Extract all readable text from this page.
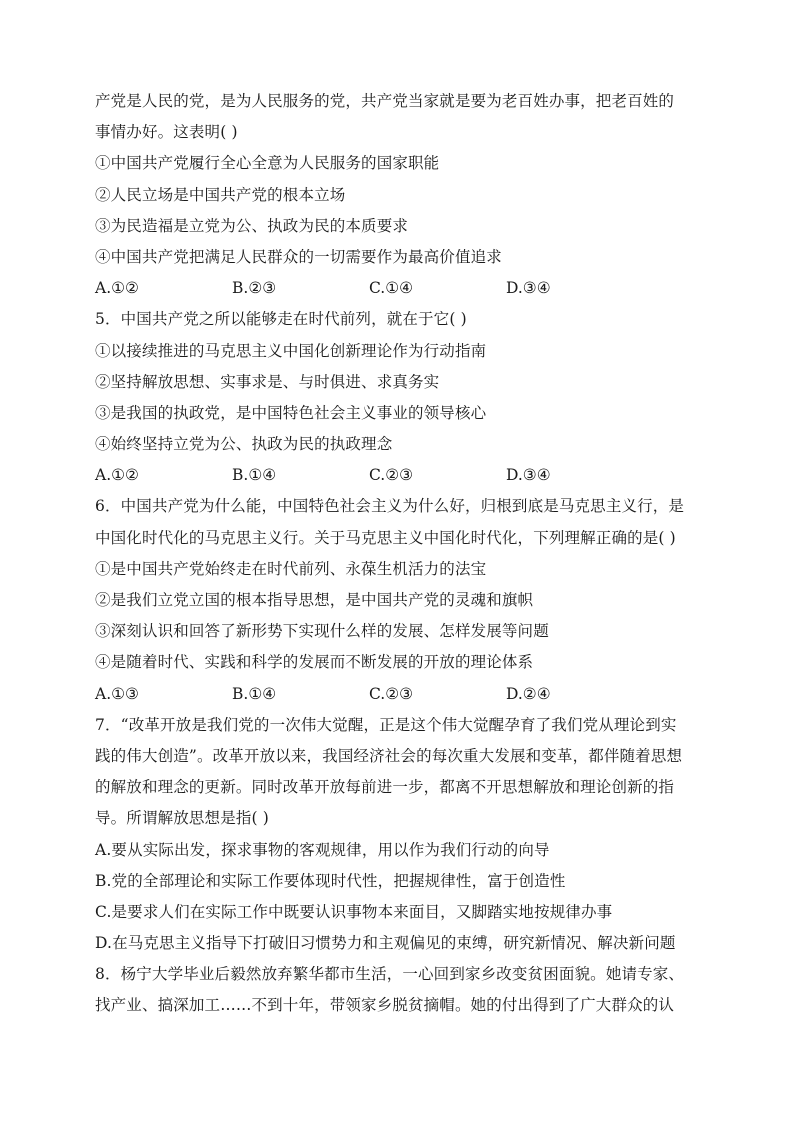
产党是人民的党，是为人民服务的党，共产党当家就是要为老百姓办事，把老百姓的
事情办好。这表明( )
①中国共产党履行全心全意为人民服务的国家职能
②人民立场是中国共产党的根本立场
③为民造福是立党为公、执政为民的本质要求
④中国共产党把满足人民群众的一切需要作为最高价值追求
A.①②	B.②③	C.①④	D.③④
5．中国共产党之所以能够走在时代前列，就在于它( )
①以接续推进的马克思主义中国化创新理论作为行动指南
②坚持解放思想、实事求是、与时俱进、求真务实
③是我国的执政党，是中国特色社会主义事业的领导核心
④始终坚持立党为公、执政为民的执政理念
A.①②	B.①④	C.②③	D.③④
6．中国共产党为什么能，中国特色社会主义为什么好，归根到底是马克思主义行，是
中国化时代化的马克思主义行。关于马克思主义中国化时代化，下列理解正确的是( )
①是中国共产党始终走在时代前列、永葆生机活力的法宝
②是我们立党立国的根本指导思想，是中国共产党的灵魂和旗帜
③深刻认识和回答了新形势下实现什么样的发展、怎样发展等问题
④是随着时代、实践和科学的发展而不断发展的开放的理论体系
A.①③	B.①④	C.②③	D.②④
7．“改革开放是我们党的一次伟大觉醒，正是这个伟大觉醒孕育了我们党从理论到实
践的伟大创造”。改革开放以来，我国经济社会的每次重大发展和变革，都伴随着思想
的解放和理念的更新。同时改革开放每前进一步，都离不开思想解放和理论创新的指
导。所谓解放思想是指( )
A.要从实际出发，探求事物的客观规律，用以作为我们行动的向导
B.党的全部理论和实际工作要体现时代性，把握规律性，富于创造性
C.是要求人们在实际工作中既要认识事物本来面目，又脚踏实地按规律办事
D.在马克思主义指导下打破旧习惯势力和主观偏见的束缚，研究新情况、解决新问题
8．杨宁大学毕业后毅然放弃繁华都市生活，一心回到家乡改变贫困面貌。她请专家、
找产业、搞深加工……不到十年，带领家乡脱贫摘帽。她的付出得到了广大群众的认
